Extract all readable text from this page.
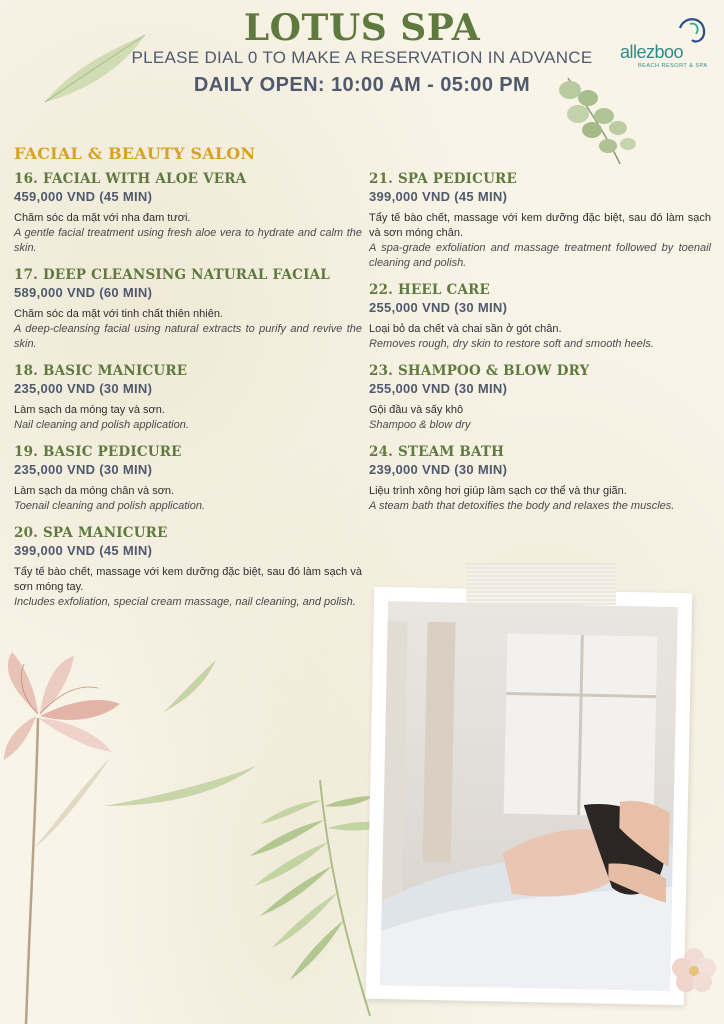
LOTUS SPA
PLEASE DIAL 0 TO MAKE A RESERVATION IN ADVANCE
DAILY OPEN: 10:00 AM - 05:00 PM
allezboo
BEACH RESORT & SPA
FACIAL & BEAUTY SALON
16. FACIAL WITH ALOE VERA
459,000 VND (45 MIN)
Chăm sóc da mặt với nha đam tươi.
A gentle facial treatment using fresh aloe vera to hydrate and calm the skin.
17. DEEP CLEANSING NATURAL FACIAL
589,000 VND (60 MIN)
Chăm sóc da mặt với tinh chất thiên nhiên.
A deep-cleansing facial using natural extracts to purify and revive the skin.
18. BASIC MANICURE
235,000 VND (30 MIN)
Làm sạch da móng tay và sơn.
Nail cleaning and polish application.
19. BASIC PEDICURE
235,000 VND (30 MIN)
Làm sạch da móng chân và sơn.
Toenail cleaning and polish application.
20. SPA MANICURE
399,000 VND (45 MIN)
Tẩy tế bào chết, massage với kem dưỡng đặc biệt, sau đó làm sạch và sơn móng tay.
Includes exfoliation, special cream massage, nail cleaning, and polish.
21. SPA PEDICURE
399,000 VND (45 MIN)
Tẩy tế bào chết, massage với kem dưỡng đặc biệt, sau đó làm sạch và sơn móng chân.
A spa-grade exfoliation and massage treatment followed by toenail cleaning and polish.
22. HEEL CARE
255,000 VND (30 MIN)
Loại bỏ da chết và chai sần ở gót chân.
Removes rough, dry skin to restore soft and smooth heels.
23. SHAMPOO & BLOW DRY
255,000 VND (30 MIN)
Gội đầu và sấy khô
Shampoo & blow dry
24. STEAM BATH
239,000 VND (30 MIN)
Liệu trình xông hơi giúp làm sạch cơ thể và thư giãn.
A steam bath that detoxifies the body and relaxes the muscles.
